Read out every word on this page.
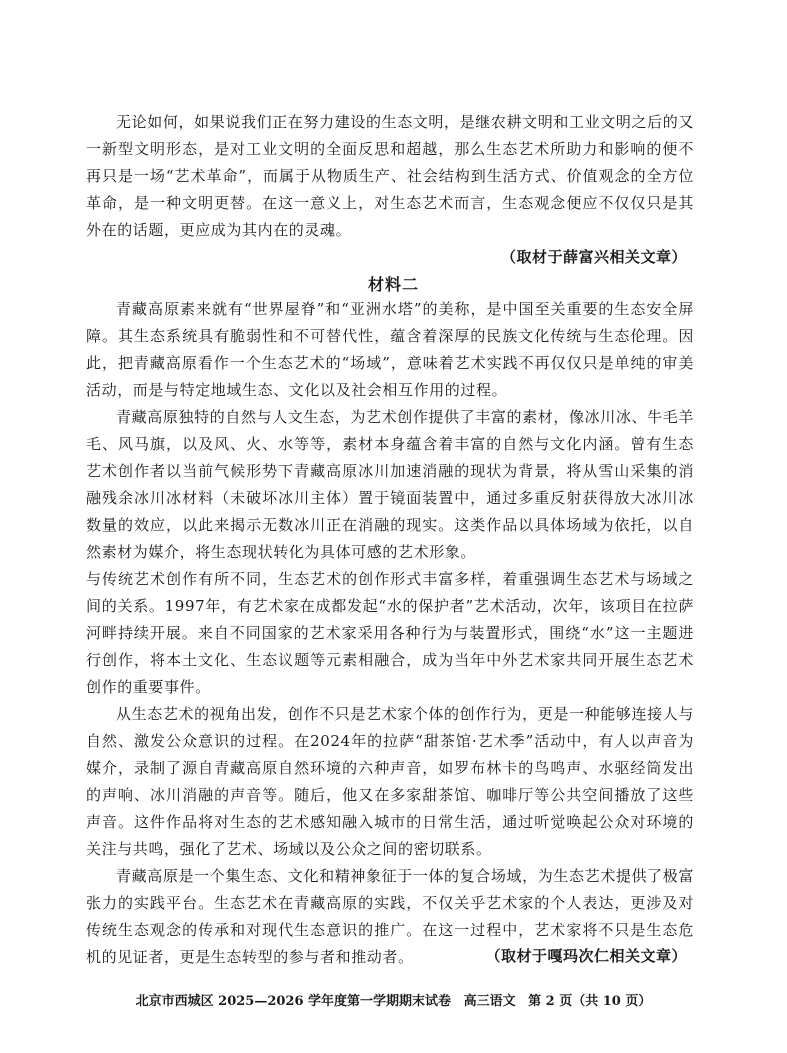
无论如何，如果说我们正在努力建设的生态文明，是继农耕文明和工业文明之后的又一新型文明形态，是对工业文明的全面反思和超越，那么生态艺术所助力和影响的便不再只是一场“艺术革命”，而属于从物质生产、社会结构到生活方式、价值观念的全方位革命，是一种文明更替。在这一意义上，对生态艺术而言，生态观念便应不仅仅只是其外在的话题，更应成为其内在的灵魂。

（取材于薛富兴相关文章）
材料二

青藏高原素来就有“世界屋脊”和“亚洲水塔”的美称，是中国至关重要的生态安全屏障。其生态系统具有脆弱性和不可替代性，蕴含着深厚的民族文化传统与生态伦理。因此，把青藏高原看作一个生态艺术的“场域”，意味着艺术实践不再仅仅只是单纯的审美活动，而是与特定地域生态、文化以及社会相互作用的过程。

青藏高原独特的自然与人文生态，为艺术创作提供了丰富的素材，像冰川冰、牛毛羊毛、风马旗，以及风、火、水等等，素材本身蕴含着丰富的自然与文化内涵。曾有生态艺术创作者以当前气候形势下青藏高原冰川加速消融的现状为背景，将从雪山采集的消融残余冰川冰材料（未破坏冰川主体）置于镜面装置中，通过多重反射获得放大冰川冰数量的效应，以此来揭示无数冰川正在消融的现实。这类作品以具体场域为依托，以自然素材为媒介，将生态现状转化为具体可感的艺术形象。

与传统艺术创作有所不同，生态艺术的创作形式丰富多样，着重强调生态艺术与场域之间的关系。1997年，有艺术家在成都发起“水的保护者”艺术活动，次年，该项目在拉萨河畔持续开展。来自不同国家的艺术家采用各种行为与装置形式，围绕“水”这一主题进行创作，将本土文化、生态议题等元素相融合，成为当年中外艺术家共同开展生态艺术创作的重要事件。

从生态艺术的视角出发，创作不只是艺术家个体的创作行为，更是一种能够连接人与自然、激发公众意识的过程。在2024年的拉萨“甜茶馆·艺术季”活动中，有人以声音为媒介，录制了源自青藏高原自然环境的六种声音，如罗布林卡的鸟鸣声、水驱经筒发出的声响、冰川消融的声音等。随后，他又在多家甜茶馆、咖啡厅等公共空间播放了这些声音。这件作品将对生态的艺术感知融入城市的日常生活，通过听觉唤起公众对环境的关注与共鸣，强化了艺术、场域以及公众之间的密切联系。

青藏高原是一个集生态、文化和精神象征于一体的复合场域，为生态艺术提供了极富张力的实践平台。生态艺术在青藏高原的实践，不仅关乎艺术家的个人表达，更涉及对传统生态观念的传承和对现代生态意识的推广。在这一过程中，艺术家将不只是生态危机的见证者，更是生态转型的参与者和推动者。	（取材于嘎玛次仁相关文章）
北京市西城区 2025—2026 学年度第一学期期末试卷 高三语文 第 2 页（共 10 页）
